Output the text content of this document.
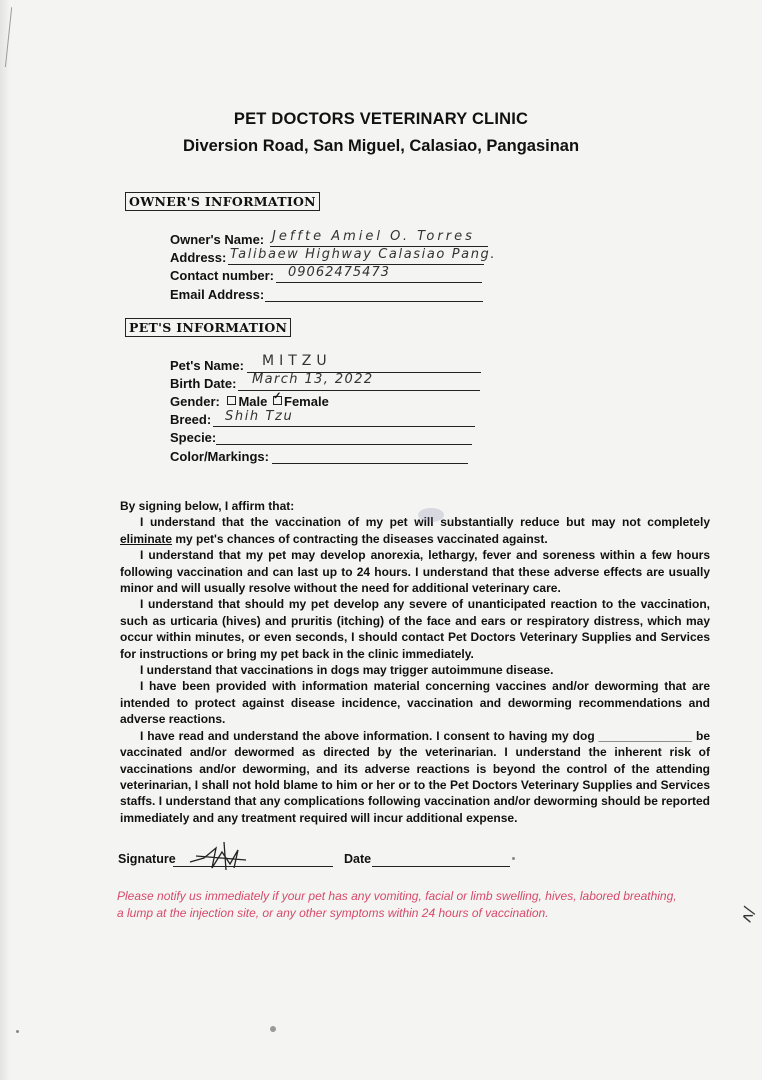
PET DOCTORS VETERINARY CLINIC
Diversion Road, San Miguel, Calasiao, Pangasinan
OWNER'S INFORMATION
Owner's Name: Jeffte Amiel O. Torres
Address: Talibaew Highway Calasiao Pang.
Contact number: 09062475473
Email Address:
PET'S INFORMATION
Pet's Name: MITZU
Birth Date: March 13, 2022
Gender: Male ✓ Female
Breed: Shih Tzu
Specie:
Color/Markings:

By signing below, I affirm that:

I understand that the vaccination of my pet will substantially reduce but may not completely eliminate my pet's chances of contracting the diseases vaccinated against.

I understand that my pet may develop anorexia, lethargy, fever and soreness within a few hours following vaccination and can last up to 24 hours. I understand that these adverse effects are usually minor and will usually resolve without the need for additional veterinary care.

I understand that should my pet develop any severe of unanticipated reaction to the vaccination, such as urticaria (hives) and pruritis (itching) of the face and ears or respiratory distress, which may occur within minutes, or even seconds, I should contact Pet Doctors Veterinary Supplies and Services for instructions or bring my pet back in the clinic immediately.

I understand that vaccinations in dogs may trigger autoimmune disease.

I have been provided with information material concerning vaccines and/or deworming that are intended to protect against disease incidence, vaccination and deworming recommendations and adverse reactions.

I have read and understand the above information. I consent to having my dog ______________ be vaccinated and/or dewormed as directed by the veterinarian. I understand the inherent risk of vaccinations and/or deworming, and its adverse reactions is beyond the control of the attending veterinarian, I shall not hold blame to him or her or to the Pet Doctors Veterinary Supplies and Services staffs. I understand that any complications following vaccination and/or deworming should be reported immediately and any treatment required will incur additional expense.

Signature	Date
Please notify us immediately if your pet has any vomiting, facial or limb swelling, hives, labored breathing, a lump at the injection site, or any other symptoms within 24 hours of vaccination.	ʌ/
